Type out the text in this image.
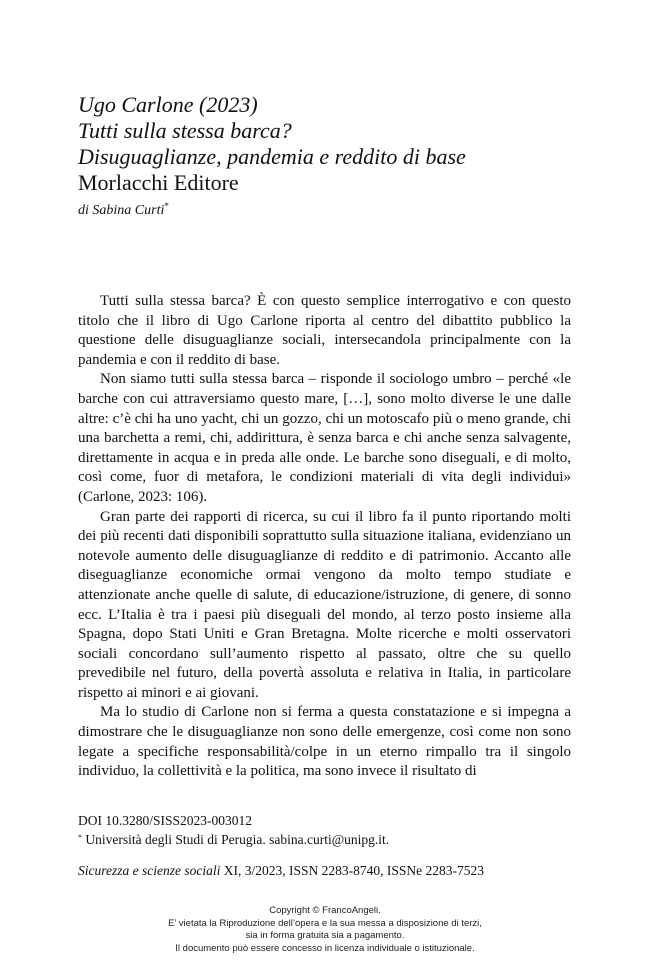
Ugo Carlone (2023)
Tutti sulla stessa barca?
Disuguaglianze, pandemia e reddito di base
Morlacchi Editore
di Sabina Curti*

Tutti sulla stessa barca? È con questo semplice interrogativo e con questo titolo che il libro di Ugo Carlone riporta al centro del dibattito pubblico la questione delle disuguaglianze sociali, intersecandola principalmente con la pandemia e con il reddito di base.

Non siamo tutti sulla stessa barca – risponde il sociologo umbro – perché «le barche con cui attraversiamo questo mare, […], sono molto diverse le une dalle altre: c’è chi ha uno yacht, chi un gozzo, chi un motoscafo più o meno grande, chi una barchetta a remi, chi, addirittura, è senza barca e chi anche senza salvagente, direttamente in acqua e in preda alle onde. Le barche sono diseguali, e di molto, così come, fuor di metafora, le condizioni materiali di vita degli individui» (Carlone, 2023: 106).

Gran parte dei rapporti di ricerca, su cui il libro fa il punto riportando molti dei più recenti dati disponibili soprattutto sulla situazione italiana, evidenziano un notevole aumento delle disuguaglianze di reddito e di patrimonio. Accanto alle diseguaglianze economiche ormai vengono da molto tempo studiate e attenzionate anche quelle di salute, di educazione/istruzione, di genere, di sonno ecc. L’Italia è tra i paesi più diseguali del mondo, al terzo posto insieme alla Spagna, dopo Stati Uniti e Gran Bretagna. Molte ricerche e molti osservatori sociali concordano sull’aumento rispetto al passato, oltre che su quello prevedibile nel futuro, della povertà assoluta e relativa in Italia, in particolare rispetto ai minori e ai giovani.

Ma lo studio di Carlone non si ferma a questa constatazione e si impegna a dimostrare che le disuguaglianze non sono delle emergenze, così come non sono legate a specifiche responsabilità/colpe in un eterno rimpallo tra il singolo individuo, la collettività e la politica, ma sono invece il risultato di

DOI 10.3280/SISS2023-003012
* Università degli Studi di Perugia. sabina.curti@unipg.it.
Sicurezza e scienze sociali XI, 3/2023, ISSN 2283-8740, ISSNe 2283-7523
Copyright © FrancoAngeli.
E’ vietata la Riproduzione dell’opera e la sua messa a disposizione di terzi,
sia in forma gratuita sia a pagamento.
Il documento può essere concesso in licenza individuale o istituzionale.
